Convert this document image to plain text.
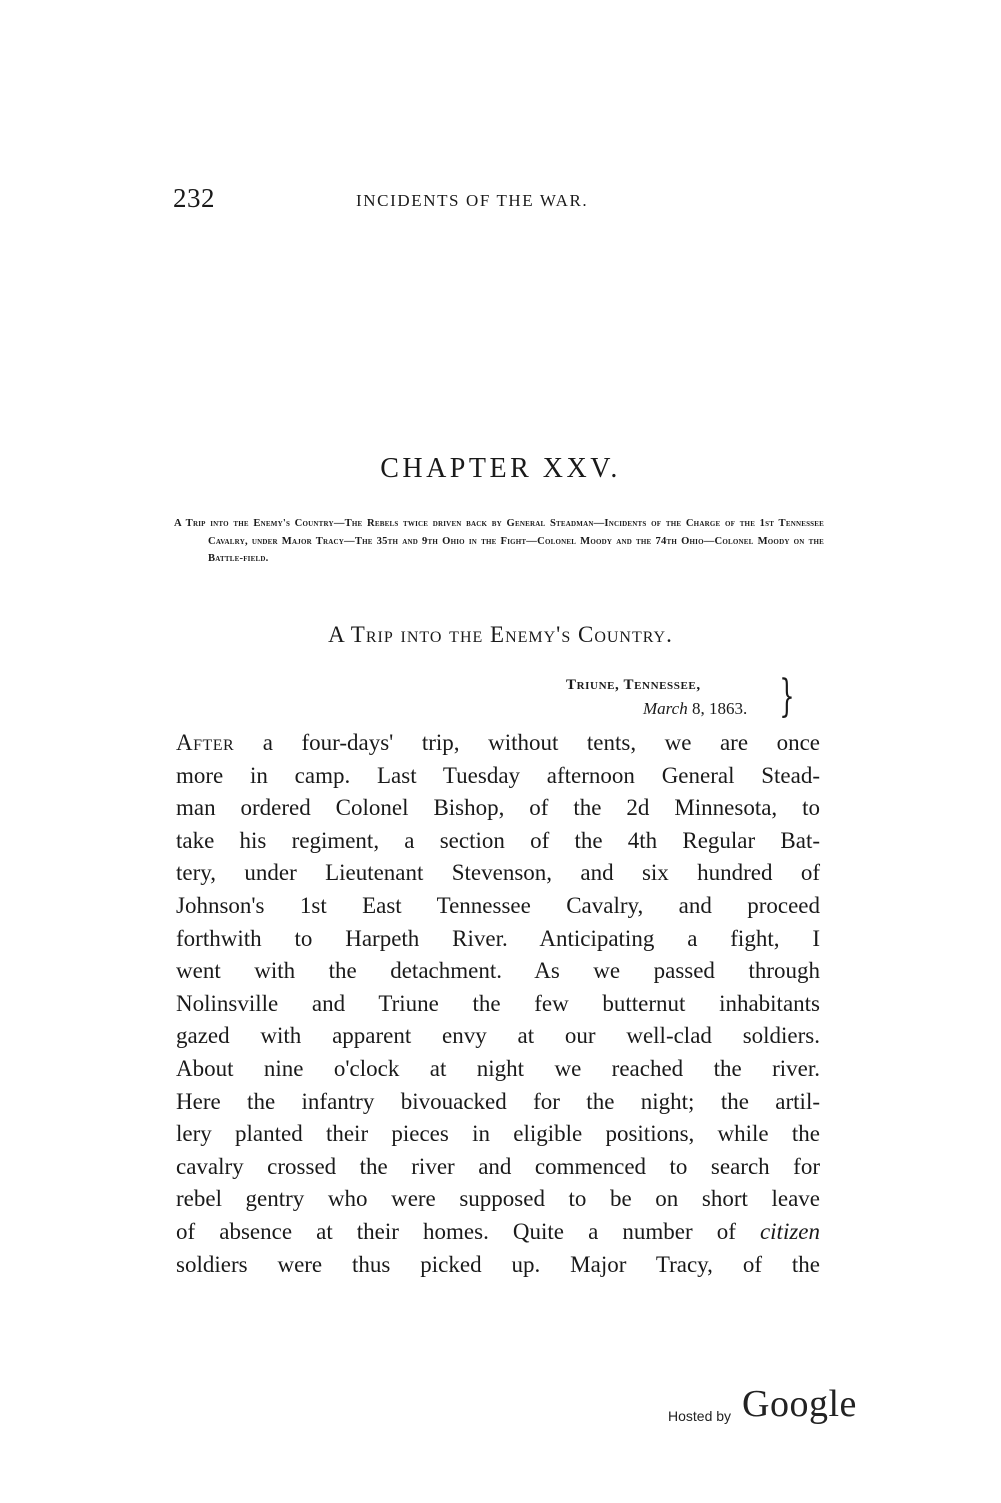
232	INCIDENTS OF THE WAR.
CHAPTER XXV.

A Trip into the Enemy's Country—The Rebels twice driven back by General Steadman—Incidents of the Charge of the 1st Tennessee Cavalry, under Major Tracy—The 35th and 9th Ohio in the Fight—Colonel Moody and the 74th Ohio—Colonel Moody on the Battle-field.

A Trip into the Enemy's Country.
Triune, Tennessee,
March 8, 1863. }
After a four-days' trip, without tents, we are once
more in camp. Last Tuesday afternoon General Stead-
man ordered Colonel Bishop, of the 2d Minnesota, to
take his regiment, a section of the 4th Regular Bat-
tery, under Lieutenant Stevenson, and six hundred of
Johnson's 1st East Tennessee Cavalry, and proceed
forthwith to Harpeth River. Anticipating a fight, I
went with the detachment. As we passed through
Nolinsville and Triune the few butternut inhabitants
gazed with apparent envy at our well-clad soldiers.
About nine o'clock at night we reached the river.
Here the infantry bivouacked for the night; the artil-
lery planted their pieces in eligible positions, while the
cavalry crossed the river and commenced to search for
rebel gentry who were supposed to be on short leave
of absence at their homes. Quite a number of citizen
soldiers were thus picked up. Major Tracy, of the
Hosted by Google
